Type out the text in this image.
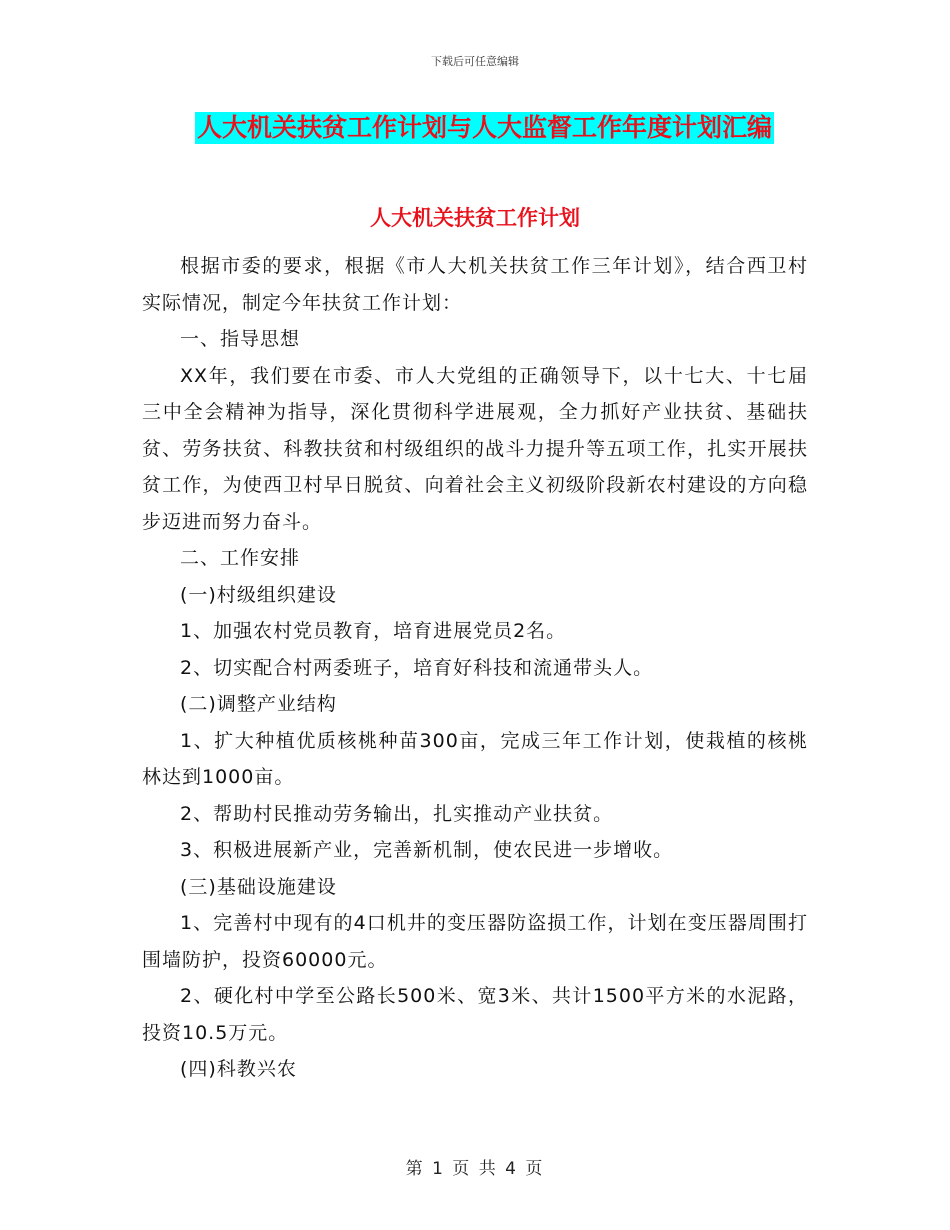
下载后可任意编辑
人大机关扶贫工作计划与人大监督工作年度计划汇编
人大机关扶贫工作计划

根据市委的要求，根据《市人大机关扶贫工作三年计划》，结合西卫村实际情况，制定今年扶贫工作计划：

一、指导思想

XX年，我们要在市委、市人大党组的正确领导下，以十七大、十七届三中全会精神为指导，深化贯彻科学进展观，全力抓好产业扶贫、基础扶贫、劳务扶贫、科教扶贫和村级组织的战斗力提升等五项工作，扎实开展扶贫工作，为使西卫村早日脱贫、向着社会主义初级阶段新农村建设的方向稳步迈进而努力奋斗。

二、工作安排

(一)村级组织建设

1、加强农村党员教育，培育进展党员2名。

2、切实配合村两委班子，培育好科技和流通带头人。

(二)调整产业结构

1、扩大种植优质核桃种苗300亩，完成三年工作计划，使栽植的核桃林达到1000亩。

2、帮助村民推动劳务输出，扎实推动产业扶贫。

3、积极进展新产业，完善新机制，使农民进一步增收。

(三)基础设施建设

1、完善村中现有的4口机井的变压器防盗损工作，计划在变压器周围打围墙防护，投资60000元。

2、硬化村中学至公路长500米、宽3米、共计1500平方米的水泥路，投资10.5万元。

(四)科教兴农

第 1 页 共 4 页
